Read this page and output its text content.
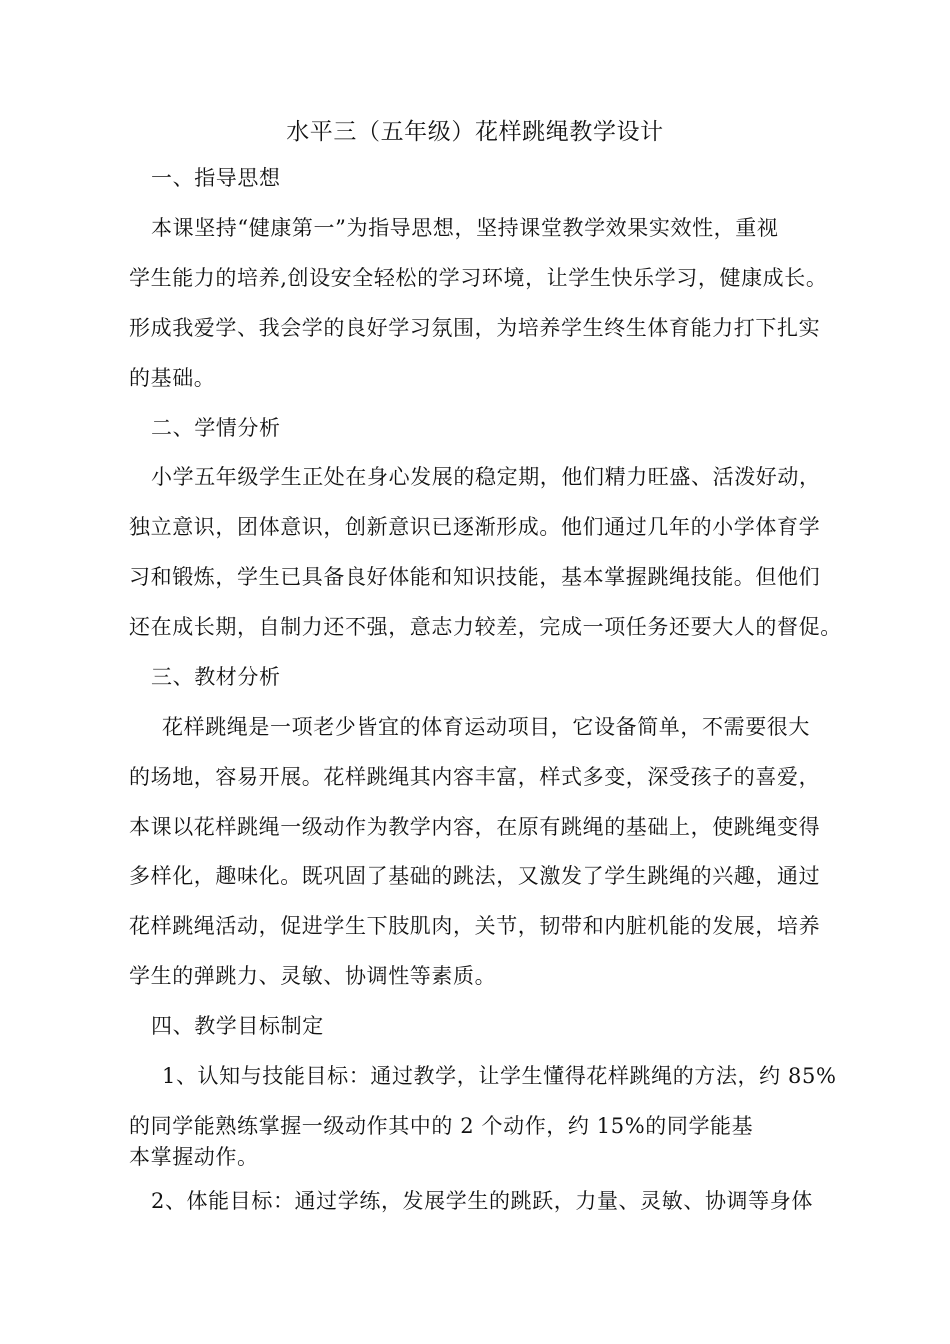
水平三（五年级）花样跳绳教学设计
一、指导思想
本课坚持“健康第一”为指导思想，坚持课堂教学效果实效性，重视
学生能力的培养,创设安全轻松的学习环境，让学生快乐学习，健康成长。
形成我爱学、我会学的良好学习氛围，为培养学生终生体育能力打下扎实
的基础。
二、学情分析
小学五年级学生正处在身心发展的稳定期，他们精力旺盛、活泼好动，
独立意识，团体意识，创新意识已逐渐形成。他们通过几年的小学体育学
习和锻炼，学生已具备良好体能和知识技能，基本掌握跳绳技能。但他们
还在成长期，自制力还不强，意志力较差，完成一项任务还要大人的督促。
三、教材分析
花样跳绳是一项老少皆宜的体育运动项目，它设备简单，不需要很大
的场地，容易开展。花样跳绳其内容丰富，样式多变，深受孩子的喜爱，
本课以花样跳绳一级动作为教学内容，在原有跳绳的基础上，使跳绳变得
多样化，趣味化。既巩固了基础的跳法，又激发了学生跳绳的兴趣，通过
花样跳绳活动，促进学生下肢肌肉，关节，韧带和内脏机能的发展，培养
学生的弹跳力、灵敏、协调性等素质。
四、教学目标制定
1、认知与技能目标：通过教学，让学生懂得花样跳绳的方法，约 85%
的同学能熟练掌握一级动作其中的 2 个动作，约 15%的同学能基
本掌握动作。
2、体能目标：通过学练，发展学生的跳跃，力量、灵敏、协调等身体
